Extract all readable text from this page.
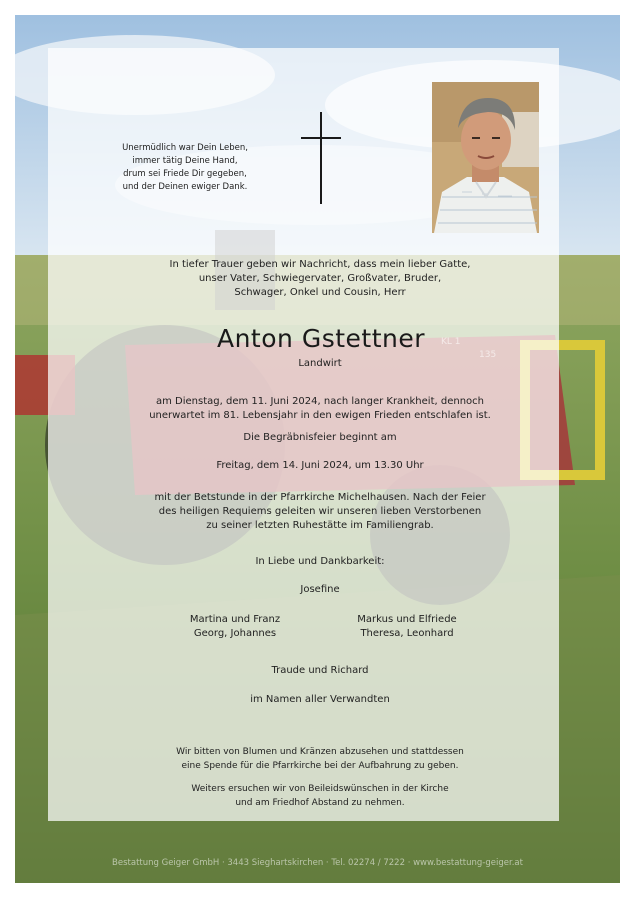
Unermüdlich war Dein Leben,
immer tätig Deine Hand,
drum sei Friede Dir gegeben,
und der Deinen ewiger Dank.

In tiefer Trauer geben wir Nachricht, dass mein lieber Gatte,
unser Vater, Schwiegervater, Großvater, Bruder,
Schwager, Onkel und Cousin, Herr

Anton Gstettner

Landwirt

am Dienstag, dem 11. Juni 2024, nach langer Krankheit, dennoch
unerwartet im 81. Lebensjahr in den ewigen Frieden entschlafen ist.

Die Begräbnisfeier beginnt am

Freitag, dem 14. Juni 2024, um 13.30 Uhr

mit der Betstunde in der Pfarrkirche Michelhausen. Nach der Feier
des heiligen Requiems geleiten wir unseren lieben Verstorbenen
zu seiner letzten Ruhestätte im Familiengrab.

In Liebe und Dankbarkeit:

Josefine

Martina und Franz
Georg, Johannes

Markus und Elfriede
Theresa, Leonhard

Traude und Richard

im Namen aller Verwandten

Wir bitten von Blumen und Kränzen abzusehen und stattdessen
eine Spende für die Pfarrkirche bei der Aufbahrung zu geben.

Weiters ersuchen wir von Beileidswünschen in der Kirche
und am Friedhof Abstand zu nehmen.

Bestattung Geiger GmbH · 3443 Sieghartskirchen · Tel. 02274 / 7222 · www.bestattung-geiger.at
KL 1
135
